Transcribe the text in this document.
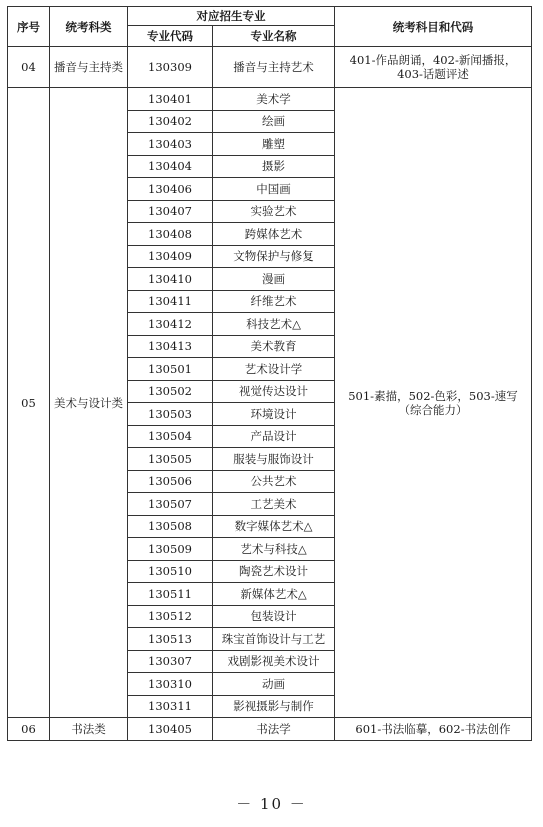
序号	统考科类	对应招生专业		统考科目和代码
		专业代码	专业名称	
04	播音与主持类	130309	播音与主持艺术	401-作品朗诵，402-新闻播报，403-话题评述
05	美术与设计类	130401	美术学	501-素描，502-色彩，503-速写（综合能力）
		130402	绘画	
		130403	雕塑	
		130404	摄影	
		130406	中国画	
		130407	实验艺术	
		130408	跨媒体艺术	
		130409	文物保护与修复	
		130410	漫画	
		130411	纤维艺术	
		130412	科技艺术△	
		130413	美术教育	
		130501	艺术设计学	
		130502	视觉传达设计	
		130503	环境设计	
		130504	产品设计	
		130505	服装与服饰设计	
		130506	公共艺术	
		130507	工艺美术	
		130508	数字媒体艺术△	
		130509	艺术与科技△	
		130510	陶瓷艺术设计	
		130511	新媒体艺术△	
		130512	包装设计	
		130513	珠宝首饰设计与工艺	
		130307	戏剧影视美术设计	
		130310	动画	
		130311	影视摄影与制作	
06	书法类	130405	书法学	601-书法临摹，602-书法创作
－ 10 －
